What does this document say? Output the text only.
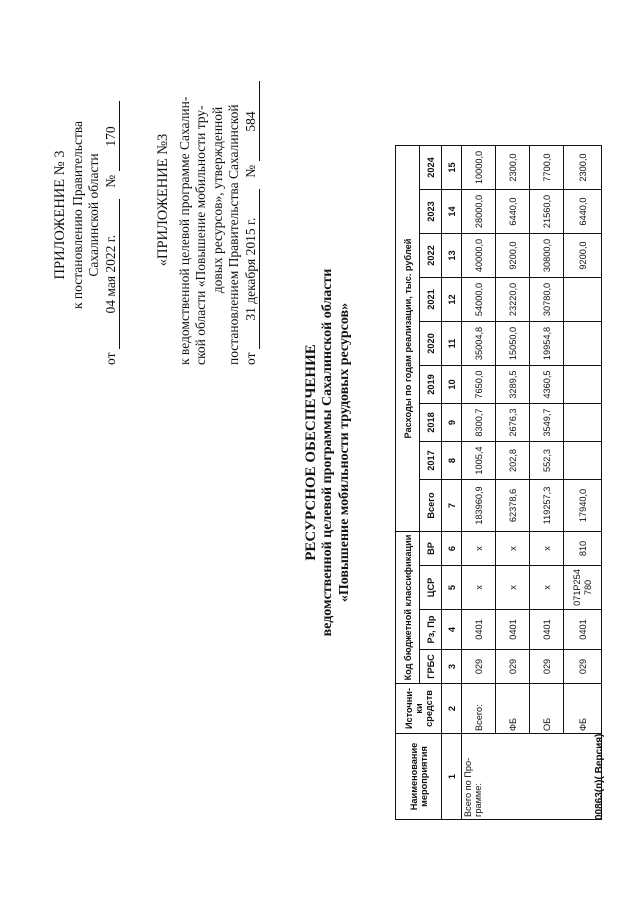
ПРИЛОЖЕНИЕ № 3 к постановлению Правительства Сахалинской области
от 04 мая 2022 г. № 170	«ПРИЛОЖЕНИЕ №3 к ведомственной целевой программе Сахалин- ской области «Повышение мобильности тру- довых ресурсов», утвержденной постановлением Правительства Сахалинской от 31 декабря 2015 г. № 584
РЕСУРСНОЕ ОБЕСПЕЧЕНИЕ ведомственной целевой программы Сахалинской области «Повышение мобильности трудовых ресурсов»
Наименование мероприятия	Источни-ки средств	Код бюджетной классификации				Расходы по годам реализации, тыс. рублей								
		ГРБС	Рз, Пр	ЦСР	ВР	Всего	2017	2018	2019	2020	2021	2022	2023	2024
1	2	3	4	5	6	7	8	9	10	11	12	13	14	15
Всего по Про-грамме:	Всего:	029	0401	х	х	183960,9	1005,4	8300,7	7650,0	35004,8	54000,0	40000,0	28000,0	10000,0
	ФБ	029	0401	х	х	62378,6	202,8	2676,3	3289,5	15050,0	23220,0	9200,0	6440,0	2300,0
	ОБ	029	0401	х	х	119257,3	552,3	3549,7	4360,5	19954,8	30780,0	30800,0	21560,0	7700,0
	ФБ	029	0401	071Р254 780	810	17940,0						9200,0	6440,0	2300,0
00863(п)( Версия)
